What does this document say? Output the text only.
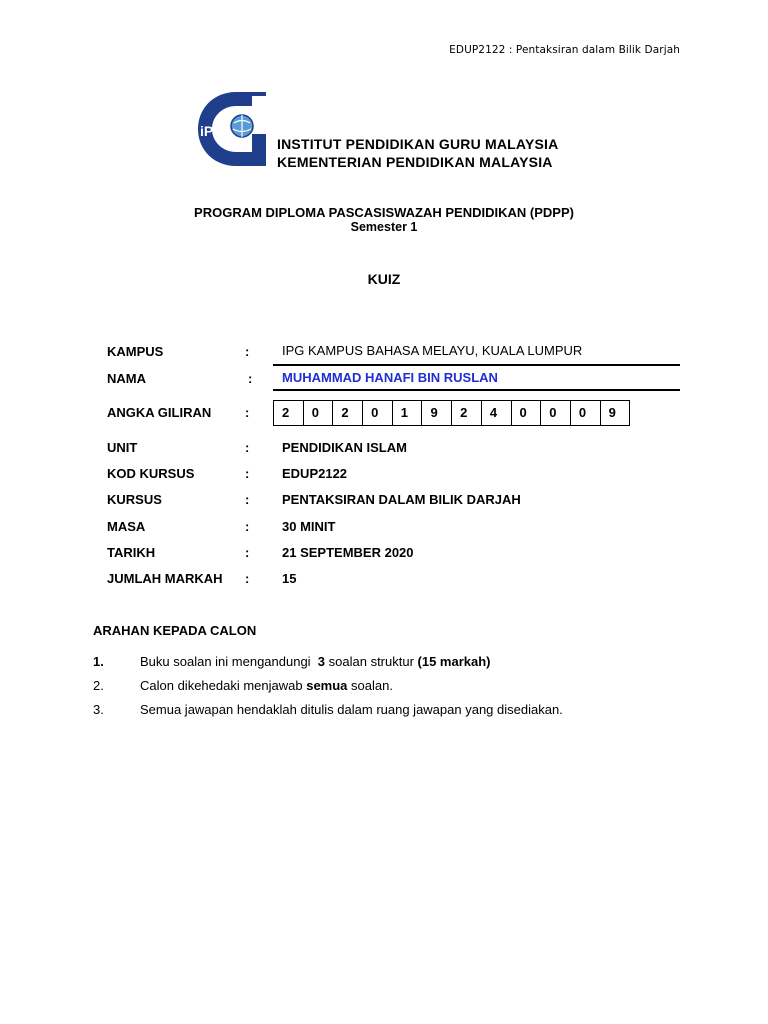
EDUP2122 : Pentaksiran dalam Bilik Darjah
iPG
INSTITUT PENDIDIKAN GURU MALAYSIA
KEMENTERIAN PENDIDIKAN MALAYSIA
PROGRAM DIPLOMA PASCASISWAZAH PENDIDIKAN (PDPP)
Semester 1
KUIZ
KAMPUS	:	IPG KAMPUS BAHASA MELAYU, KUALA LUMPUR
NAMA	: MUHAMMAD HANAFI BIN RUSLAN
ANGKA GILIRAN	:	2	0	2	0	1	9	2	4	0	0	0	9
UNIT	:	PENDIDIKAN ISLAM
KOD KURSUS	:	EDUP2122
KURSUS	:	PENTAKSIRAN DALAM BILIK DARJAH
MASA	:	30 MINIT
TARIKH	:	21 SEPTEMBER 2020
JUMLAH MARKAH :	15
ARAHAN KEPADA CALON
1.	Buku soalan ini mengandungi  3 soalan struktur (15 markah)
2.	Calon dikehedaki menjawab semua soalan.
3.	Semua jawapan hendaklah ditulis dalam ruang jawapan yang disediakan.
